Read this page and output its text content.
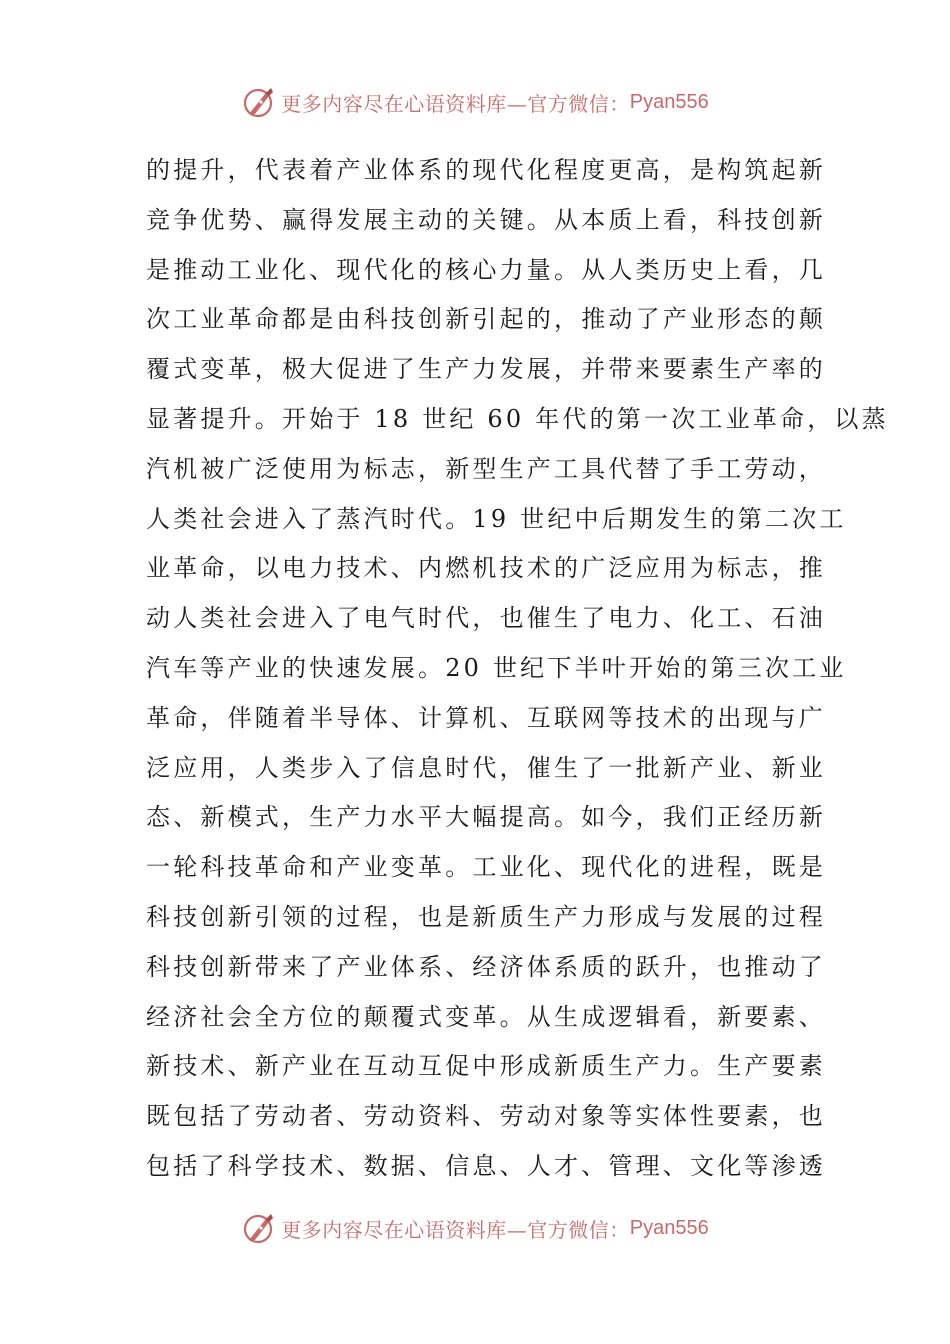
更多内容尽在心语资料库—官方微信： Pyan556
的提升，代表着产业体系的现代化程度更高，是构筑起新
竞争优势、赢得发展主动的关键。从本质上看，科技创新
是推动工业化、现代化的核心力量。从人类历史上看，几
次工业革命都是由科技创新引起的，推动了产业形态的颠
覆式变革，极大促进了生产力发展，并带来要素生产率的
显著提升。开始于 18 世纪 60 年代的第一次工业革命，以蒸
汽机被广泛使用为标志，新型生产工具代替了手工劳动，
人类社会进入了蒸汽时代。19 世纪中后期发生的第二次工
业革命，以电力技术、内燃机技术的广泛应用为标志，推
动人类社会进入了电气时代，也催生了电力、化工、石油
汽车等产业的快速发展。20 世纪下半叶开始的第三次工业
革命，伴随着半导体、计算机、互联网等技术的出现与广
泛应用，人类步入了信息时代，催生了一批新产业、新业
态、新模式，生产力水平大幅提高。如今，我们正经历新
一轮科技革命和产业变革。工业化、现代化的进程，既是
科技创新引领的过程，也是新质生产力形成与发展的过程
科技创新带来了产业体系、经济体系质的跃升，也推动了
经济社会全方位的颠覆式变革。从生成逻辑看，新要素、
新技术、新产业在互动互促中形成新质生产力。生产要素
既包括了劳动者、劳动资料、劳动对象等实体性要素，也
包括了科学技术、数据、信息、人才、管理、文化等渗透
更多内容尽在心语资料库—官方微信： Pyan556
